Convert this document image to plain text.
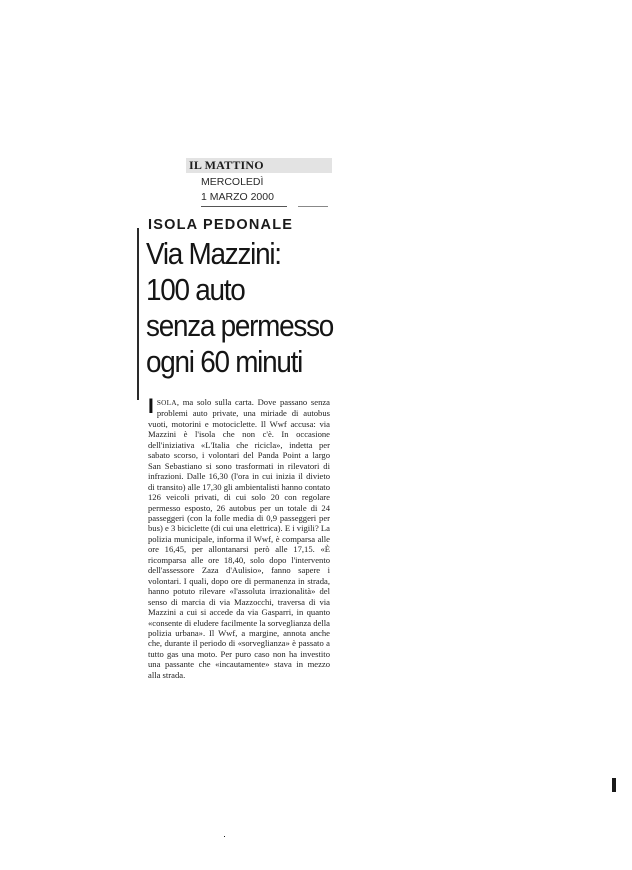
IL MATTINO
MERCOLEDÌ
1 MARZO 2000
ISOLA PEDONALE
Via Mazzini:
100 auto
senza permesso
ogni 60 minuti

ISOLA, ma solo sulla carta. Dove passano senza problemi auto private, una miriade di autobus vuoti, motorini e motociclette. Il Wwf accusa: via Mazzini è l'isola che non c'è. In occasione dell'iniziativa «L'Italia che ricicla», indetta per sabato scorso, i volontari del Panda Point a largo San Sebastiano si sono trasformati in rilevatori di infrazioni. Dalle 16,30 (l'ora in cui inizia il divieto di transito) alle 17,30 gli ambientalisti hanno contato 126 veicoli privati, di cui solo 20 con regolare permesso esposto, 26 autobus per un totale di 24 passeggeri (con la folle media di 0,9 passeggeri per bus) e 3 biciclette (di cui una elettrica). E i vigili? La polizia municipale, informa il Wwf, è comparsa alle ore 16,45, per allontanarsi però alle 17,15. «È ricomparsa alle ore 18,40, solo dopo l'intervento dell'assessore Zaza d'Aulisio», fanno sapere i volontari. I quali, dopo ore di permanenza in strada, hanno potuto rilevare «l'assoluta irrazionalità» del senso di marcia di via Mazzocchi, traversa di via Mazzini a cui si accede da via Gasparri, in quanto «consente di eludere facilmente la sorveglianza della polizia urbana». Il Wwf, a margine, annota anche che, durante il periodo di «sorveglianza» è passato a tutto gas una moto. Per puro caso non ha investito una passante che «incautamente» stava in mezzo alla strada.
